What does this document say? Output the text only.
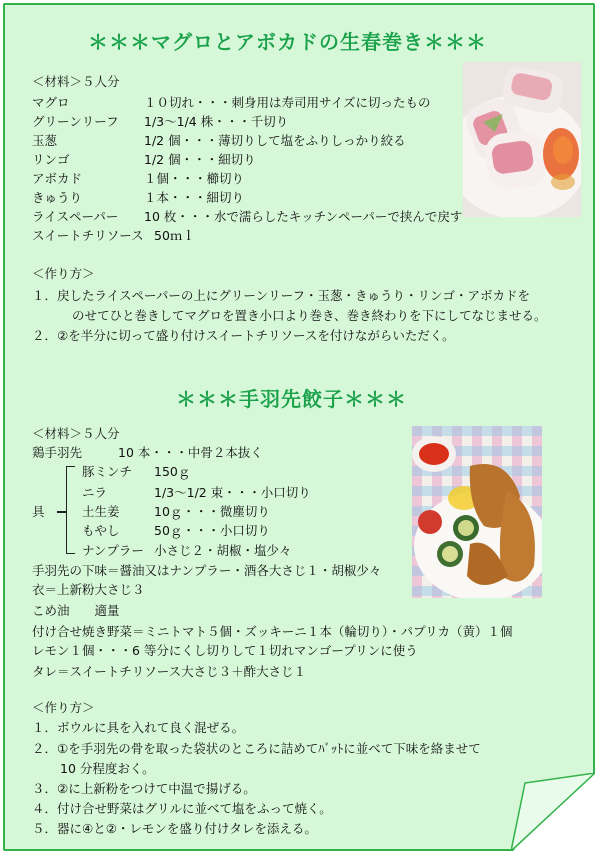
＊＊＊マグロとアボカドの生春巻き＊＊＊
＜材料＞５人分
マグロ	１０切れ・・・刺身用は寿司用サイズに切ったもの
グリーンリーフ 1/3～1/4 株・・・千切り
玉葱	1/2 個・・・薄切りして塩をふりしっかり絞る
リンゴ	1/2 個・・・細切り
アボカド	１個・・・櫛切り
きゅうり	１本・・・細切り
ライスペーパー 10 枚・・・水で濡らしたキッチンペーパーで挟んで戻す
スイートチリソース 50ｍｌ
＜作り方＞
１．戻したライスペーパーの上にグリーンリーフ・玉葱・きゅうり・リンゴ・アボカドを
のせてひと巻きしてマグロを置き小口より巻き、巻き終わりを下にしてなじませる。
２．②を半分に切って盛り付けスイートチリソースを付けながらいただく。
＊＊＊手羽先餃子＊＊＊
＜材料＞５人分
鶏手羽先	10 本・・・中骨２本抜く
具
豚ミンチ 150ｇ
ニラ	1/3～1/2 束・・・小口切り
土生姜	10ｇ・・・微塵切り
もやし	50ｇ・・・小口切り
ナンプラー 小さじ２・胡椒・塩少々
手羽先の下味＝醤油又はナンプラー・酒各大さじ１・胡椒少々
衣＝上新粉大さじ３
こめ油　　適量
付け合せ焼き野菜＝ミニトマト５個・ズッキーニ１本（輪切り）・パプリカ（黄）１個
レモン１個・・・6 等分にくし切りして１切れマンゴープリンに使う
タレ＝スイートチリソース大さじ３＋酢大さじ１
＜作り方＞
１．ボウルに具を入れて良く混ぜる。
２．①を手羽先の骨を取った袋状のところに詰めてﾊﾞｯﾄに並べて下味を絡ませて
10 分程度おく。
３．②に上新粉をつけて中温で揚げる。
４．付け合せ野菜はグリルに並べて塩をふって焼く。
５．器に④と②・レモンを盛り付けタレを添える。
